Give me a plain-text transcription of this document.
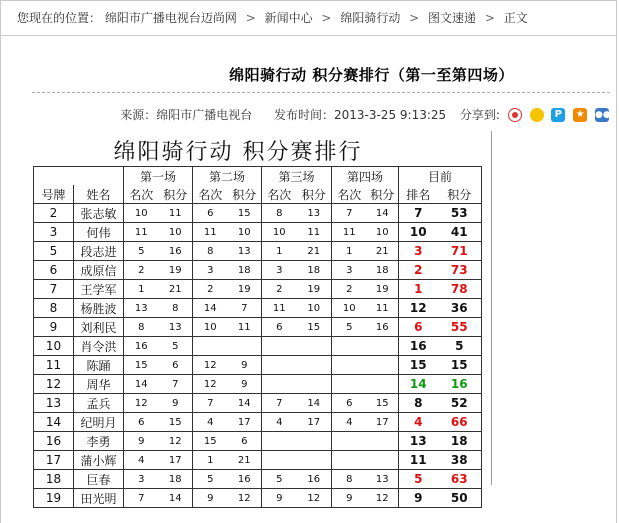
您现在的位置： 绵阳市广播电视台迈尚网 > 新闻中心 > 绵阳骑行动 > 图文速递 > 正文
绵阳骑行动 积分赛排行（第一至第四场）
来源：绵阳市广播电视台 发布时间：2013-3-25 9:13:25 分享到:	P ★ ●●
绵阳骑行动 积分赛排行
		第一场		第二场		第三场		第四场		目前	
号牌	姓名	名次	积分	名次	积分	名次	积分	名次	积分	排名	积分
2	张志敏	10	11	6	15	8	13	7	14	7	53
3	何伟	11	10	11	10	10	11	11	10	10	41
5	段志进	5	16	8	13	1	21	1	21	3	71
6	成原信	2	19	3	18	3	18	3	18	2	73
7	王学军	1	21	2	19	2	19	2	19	1	78
8	杨胜波	13	8	14	7	11	10	10	11	12	36
9	刘利民	8	13	10	11	6	15	5	16	6	55
10	肖令洪	16	5							16	5
11	陈踊	15	6	12	9					15	15
12	周华	14	7	12	9					14	16
13	孟兵	12	9	7	14	7	14	6	15	8	52
14	纪明月	6	15	4	17	4	17	4	17	4	66
16	李勇	9	12	15	6					13	18
17	蒲小辉	4	17	1	21					11	38
18	巨春	3	18	5	16	5	16	8	13	5	63
19	田光明	7	14	9	12	9	12	9	12	9	50
